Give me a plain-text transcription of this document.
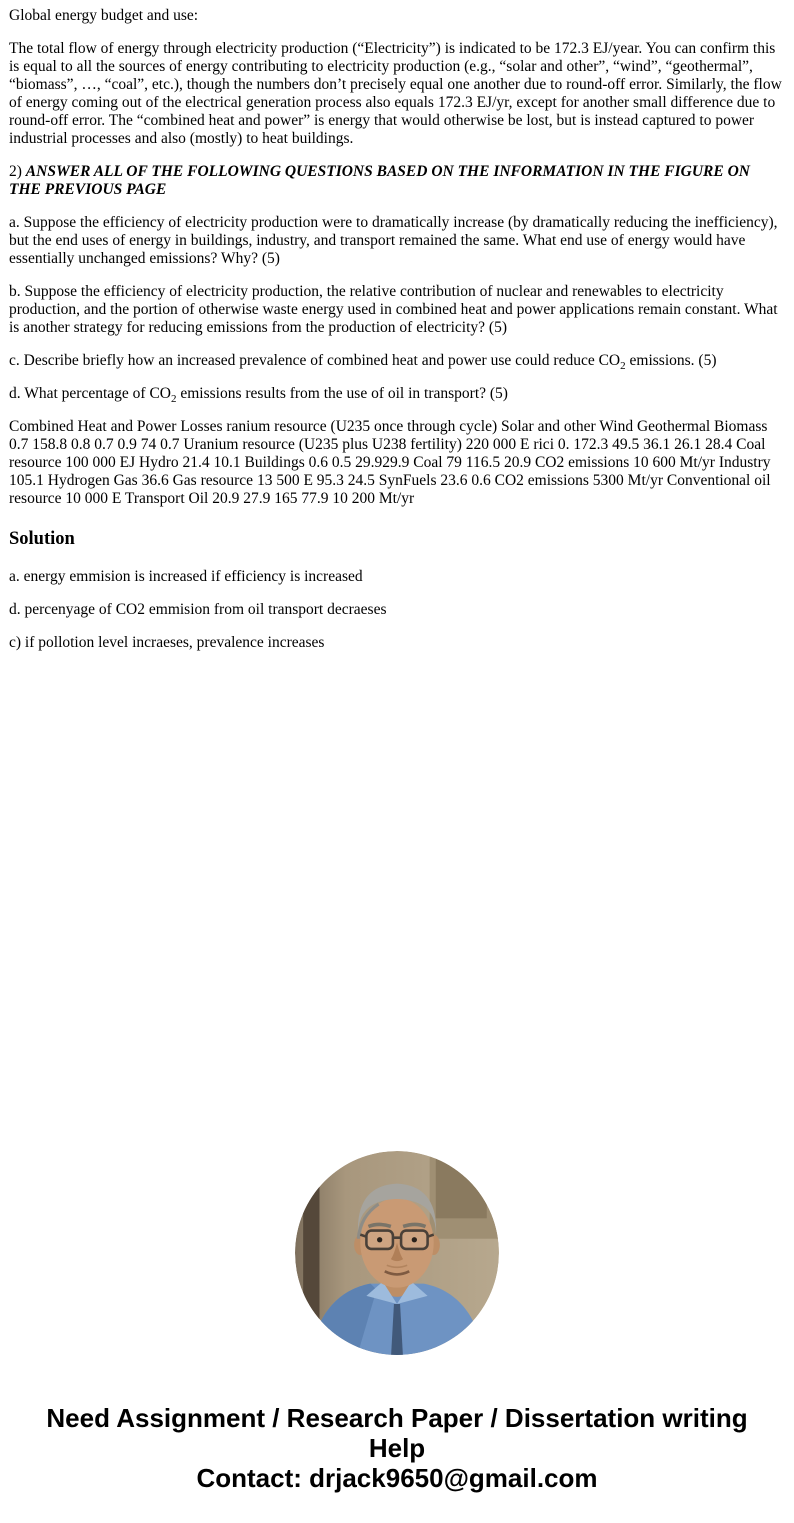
Global energy budget and use:

The total flow of energy through electricity production (“Electricity”) is indicated to be 172.3 EJ/year. You can confirm this is equal to all the sources of energy contributing to electricity production (e.g., “solar and other”, “wind”, “geothermal”, “biomass”, …, “coal”, etc.), though the numbers don’t precisely equal one another due to round-off error. Similarly, the flow of energy coming out of the electrical generation process also equals 172.3 EJ/yr, except for another small difference due to round-off error. The “combined heat and power” is energy that would otherwise be lost, but is instead captured to power industrial processes and also (mostly) to heat buildings.

2) ANSWER ALL OF THE FOLLOWING QUESTIONS BASED ON THE INFORMATION IN THE FIGURE ON THE PREVIOUS PAGE

a. Suppose the efficiency of electricity production were to dramatically increase (by dramatically reducing the inefficiency), but the end uses of energy in buildings, industry, and transport remained the same. What end use of energy would have essentially unchanged emissions? Why? (5)

b. Suppose the efficiency of electricity production, the relative contribution of nuclear and renewables to electricity production, and the portion of otherwise waste energy used in combined heat and power applications remain constant. What is another strategy for reducing emissions from the production of electricity? (5)

c. Describe briefly how an increased prevalence of combined heat and power use could reduce $CO_2$ emissions. (5)

d. What percentage of $CO_2$ emissions results from the use of oil in transport? (5)

Combined Heat and Power Losses ranium resource (U235 once through cycle) Solar and other Wind Geothermal Biomass 0.7 158.8 0.8 0.7 0.9 74 0.7 Uranium resource (U235 plus U238 fertility) 220 000 E rici 0. 172.3 49.5 36.1 26.1 28.4 Coal resource 100 000 EJ Hydro 21.4 10.1 Buildings 0.6 0.5 29.929.9 Coal 79 116.5 20.9 CO2 emissions 10 600 Mt/yr Industry 105.1 Hydrogen Gas 36.6 Gas resource 13 500 E 95.3 24.5 SynFuels 23.6 0.6 CO2 emissions 5300 Mt/yr Conventional oil resource 10 000 E Transport Oil 20.9 27.9 165 77.9 10 200 Mt/yr

Solution

a. energy emmision is increased if efficiency is increased

d. percenyage of CO2 emmision from oil transport decraeses

c) if pollotion level incraeses, prevalence increases

Need Assignment / Research Paper / Dissertation writing Help
Contact: drjack9650@gmail.com
